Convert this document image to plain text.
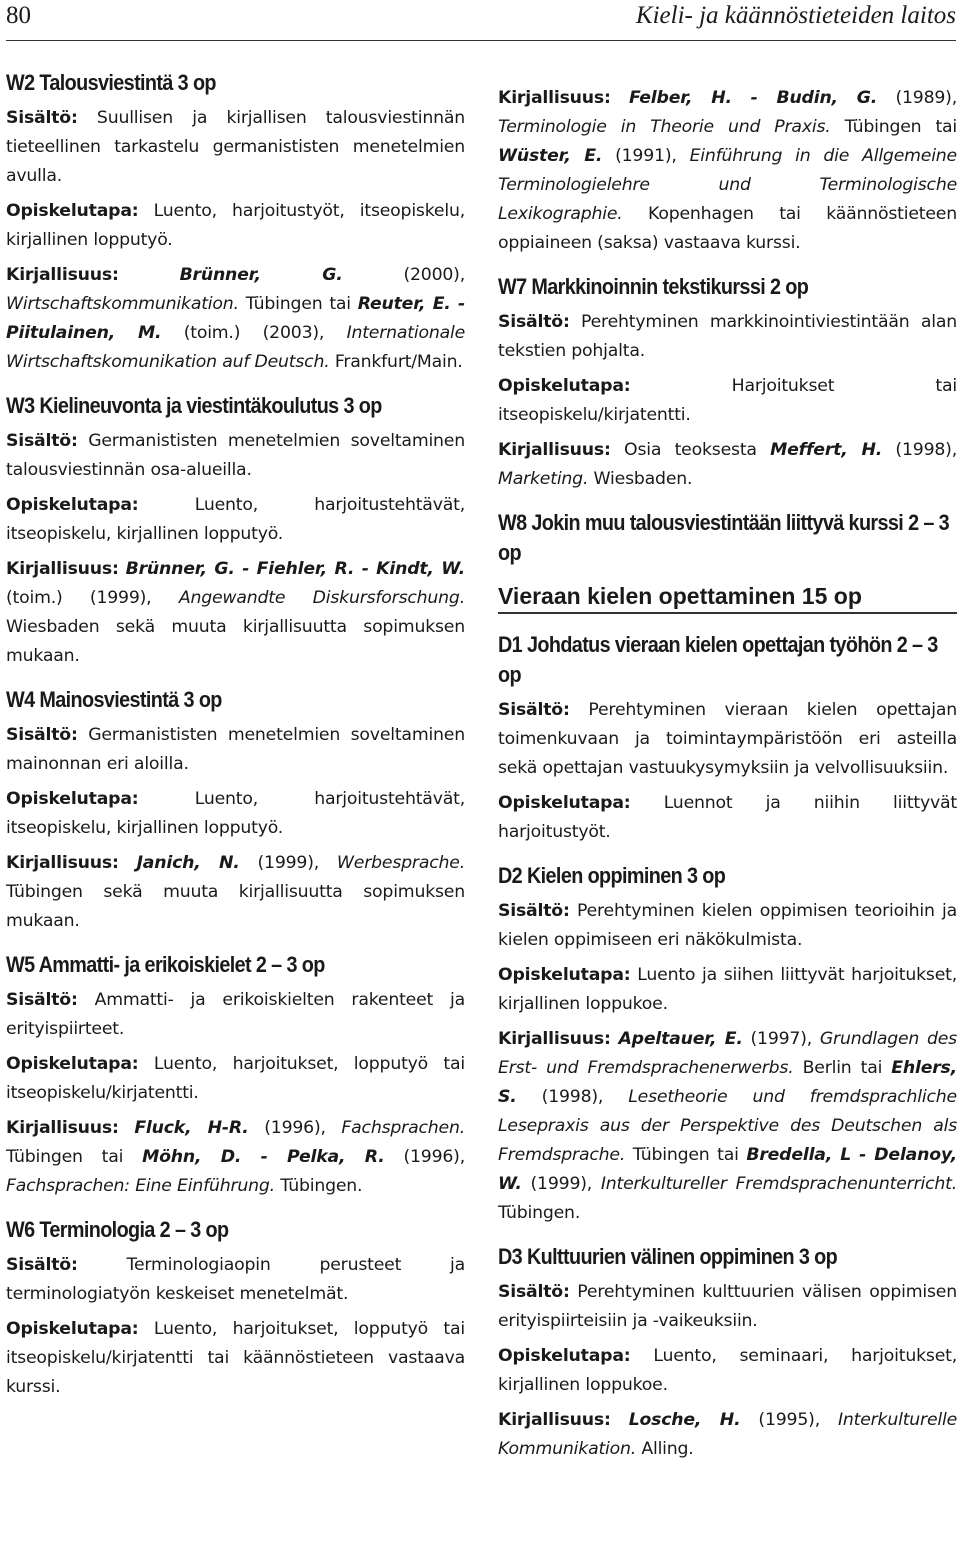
80	Kieli- ja käännöstieteiden laitos
W2 Talousviestintä 3 op

Sisältö: Suullisen ja kirjallisen talousviestinnän tieteellinen tarkastelu germanististen menetelmien avulla.

Opiskelutapa: Luento, harjoitustyöt, itseopiskelu, kirjallinen lopputyö.

Kirjallisuus:	Brünner, G. (2000), Wirtschaftskommunikation. Tübingen tai Reuter, E. - Piitulainen, M. (toim.) (2003), Internationale Wirtschaftskomunikation auf Deutsch. Frankfurt/Main.

W3 Kielineuvonta ja viestintäkoulutus 3 op

Sisältö: Germanististen menetelmien soveltaminen talousviestinnän osa-alueilla.

Opiskelutapa: Luento, harjoitustehtävät, itseopiskelu, kirjallinen lopputyö.

Kirjallisuus: Brünner, G. - Fiehler, R. - Kindt, W. (toim.) (1999), Angewandte Diskursforschung. Wiesbaden sekä muuta kirjallisuutta sopimuksen mukaan.

W4 Mainosviestintä 3 op

Sisältö: Germanististen menetelmien soveltaminen mainonnan eri aloilla.

Opiskelutapa: Luento, harjoitustehtävät, itseopiskelu, kirjallinen lopputyö.

Kirjallisuus: Janich, N. (1999), Werbesprache. Tübingen sekä muuta kirjallisuutta sopimuksen mukaan.

W5 Ammatti- ja erikoiskielet 2 – 3 op

Sisältö: Ammatti- ja erikoiskielten rakenteet ja erityispiirteet.

Opiskelutapa: Luento, harjoitukset, lopputyö tai itseopiskelu/kirjatentti.

Kirjallisuus: Fluck, H-R. (1996), Fachsprachen. Tübingen tai Möhn, D. - Pelka, R. (1996), Fachsprachen: Eine Einführung. Tübingen.

W6 Terminologia 2 – 3 op

Sisältö: Terminologiaopin perusteet ja terminologiatyön keskeiset menetelmät.

Opiskelutapa: Luento, harjoitukset, lopputyö tai itseopiskelu/kirjatentti tai käännöstieteen vastaava kurssi.

Kirjallisuus: Felber, H. - Budin, G. (1989), Terminologie in Theorie und Praxis. Tübingen tai Wüster, E. (1991), Einführung in die Allgemeine Terminologielehre und Terminologische Lexikographie. Kopenhagen tai käännöstieteen oppiaineen (saksa) vastaava kurssi.

W7 Markkinoinnin tekstikurssi 2 op

Sisältö: Perehtyminen markkinointiviestintään alan tekstien pohjalta.

Opiskelutapa: Harjoitukset tai itseopiskelu/kirjatentti.

Kirjallisuus: Osia teoksesta Meffert, H. (1998), Marketing. Wiesbaden.

W8 Jokin muu talousviestintään liittyvä kurssi 2 – 3 op
Vieraan kielen opettaminen 15 op
D1 Johdatus vieraan kielen opettajan työhön 2 – 3 op

Sisältö: Perehtyminen vieraan kielen opettajan toimenkuvaan ja toimintaympäristöön eri asteilla sekä opettajan vastuukysymyksiin ja velvollisuuksiin.

Opiskelutapa: Luennot ja niihin liittyvät harjoitustyöt.

D2 Kielen oppiminen 3 op

Sisältö: Perehtyminen kielen oppimisen teorioihin ja kielen oppimiseen eri näkökulmista.

Opiskelutapa: Luento ja siihen liittyvät harjoitukset, kirjallinen loppukoe.

Kirjallisuus: Apeltauer, E. (1997), Grundlagen des Erst- und Fremdsprachenerwerbs. Berlin tai Ehlers, S. (1998), Lesetheorie und fremdsprachliche Lesepraxis aus der Perspektive des Deutschen als Fremdsprache. Tübingen tai Bredella, L - Delanoy, W. (1999), Interkultureller Fremdsprachenunterricht. Tübingen.

D3 Kulttuurien välinen oppiminen 3 op

Sisältö: Perehtyminen kulttuurien välisen oppimisen erityispiirteisiin ja -vaikeuksiin.

Opiskelutapa: Luento, seminaari, harjoitukset, kirjallinen loppukoe.

Kirjallisuus: Losche, H. (1995), Interkulturelle Kommunikation. Alling.
